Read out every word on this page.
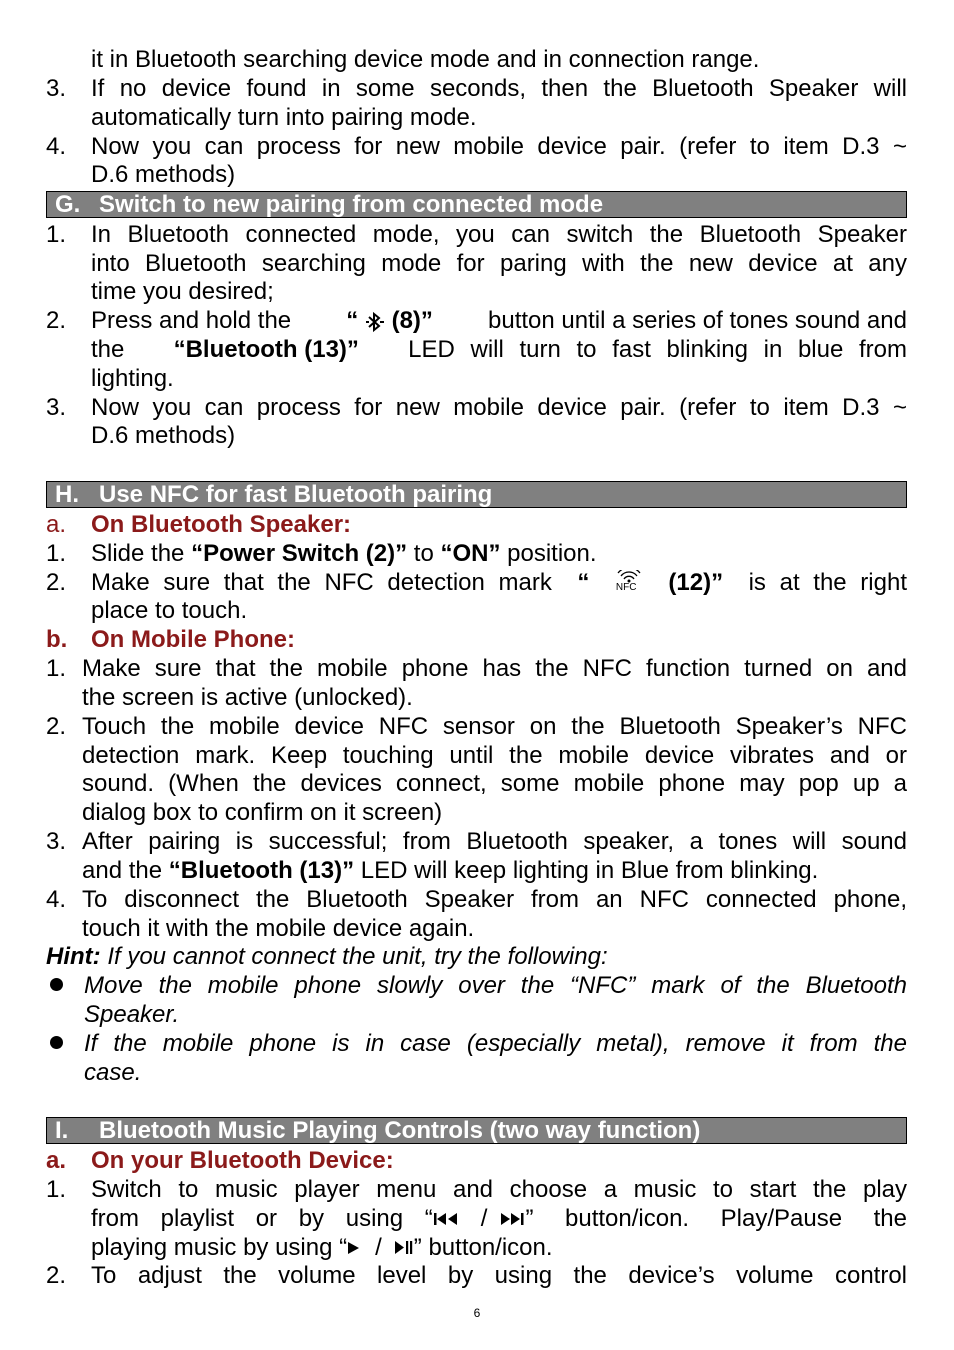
it in Bluetooth searching device mode and in connection range.
3. If no device found in some seconds, then the Bluetooth Speaker will
automatically turn into pairing mode.
4. Now you can process for new mobile device pair. (refer to item D.3 ~
D.6 methods)
G. Switch to new pairing from connected mode
1. In Bluetooth connected mode, you can switch the Bluetooth Speaker
into Bluetooth searching mode for paring with the new device at any
time you desired;
2. Press and hold the “ (8)” button until a series of tones sound and
the “Bluetooth (13)” LED will turn to fast blinking in blue from
lighting.
3. Now you can process for new mobile device pair. (refer to item D.3 ~
D.6 methods)
H. Use NFC for fast Bluetooth pairing
a. On Bluetooth Speaker:
1. Slide the “Power Switch (2)” to “ON” position.
2. Make sure that the NFC detection mark “	NFC (12)” is at the right
place to touch.
b. On Mobile Phone:
1. Make sure that the mobile phone has the NFC function turned on and
the screen is active (unlocked).
2. Touch the mobile device NFC sensor on the Bluetooth Speaker’s NFC
detection mark. Keep touching until the mobile device vibrates and or
sound. (When the devices connect, some mobile phone may pop up a
dialog box to confirm on it screen)
3. After pairing is successful; from Bluetooth speaker, a tones will sound
and the “Bluetooth (13)” LED will keep lighting in Blue from blinking.
4. To disconnect the Bluetooth Speaker from an NFC connected phone,
touch it with the mobile device again.
Hint: If you cannot connect the unit, try the following:
Move the mobile phone slowly over the “NFC” mark of the Bluetooth
Speaker.
If the mobile phone is in case (especially metal), remove it from the
case.
I. Bluetooth Music Playing Controls (two way function)
a. On your Bluetooth Device:
1. Switch to music player menu and choose a music to start the play
from playlist or by using “ / ” button/icon. Play/Pause the
playing music by using “ / ” button/icon.
2. To adjust the volume level by using the device’s volume control
6
